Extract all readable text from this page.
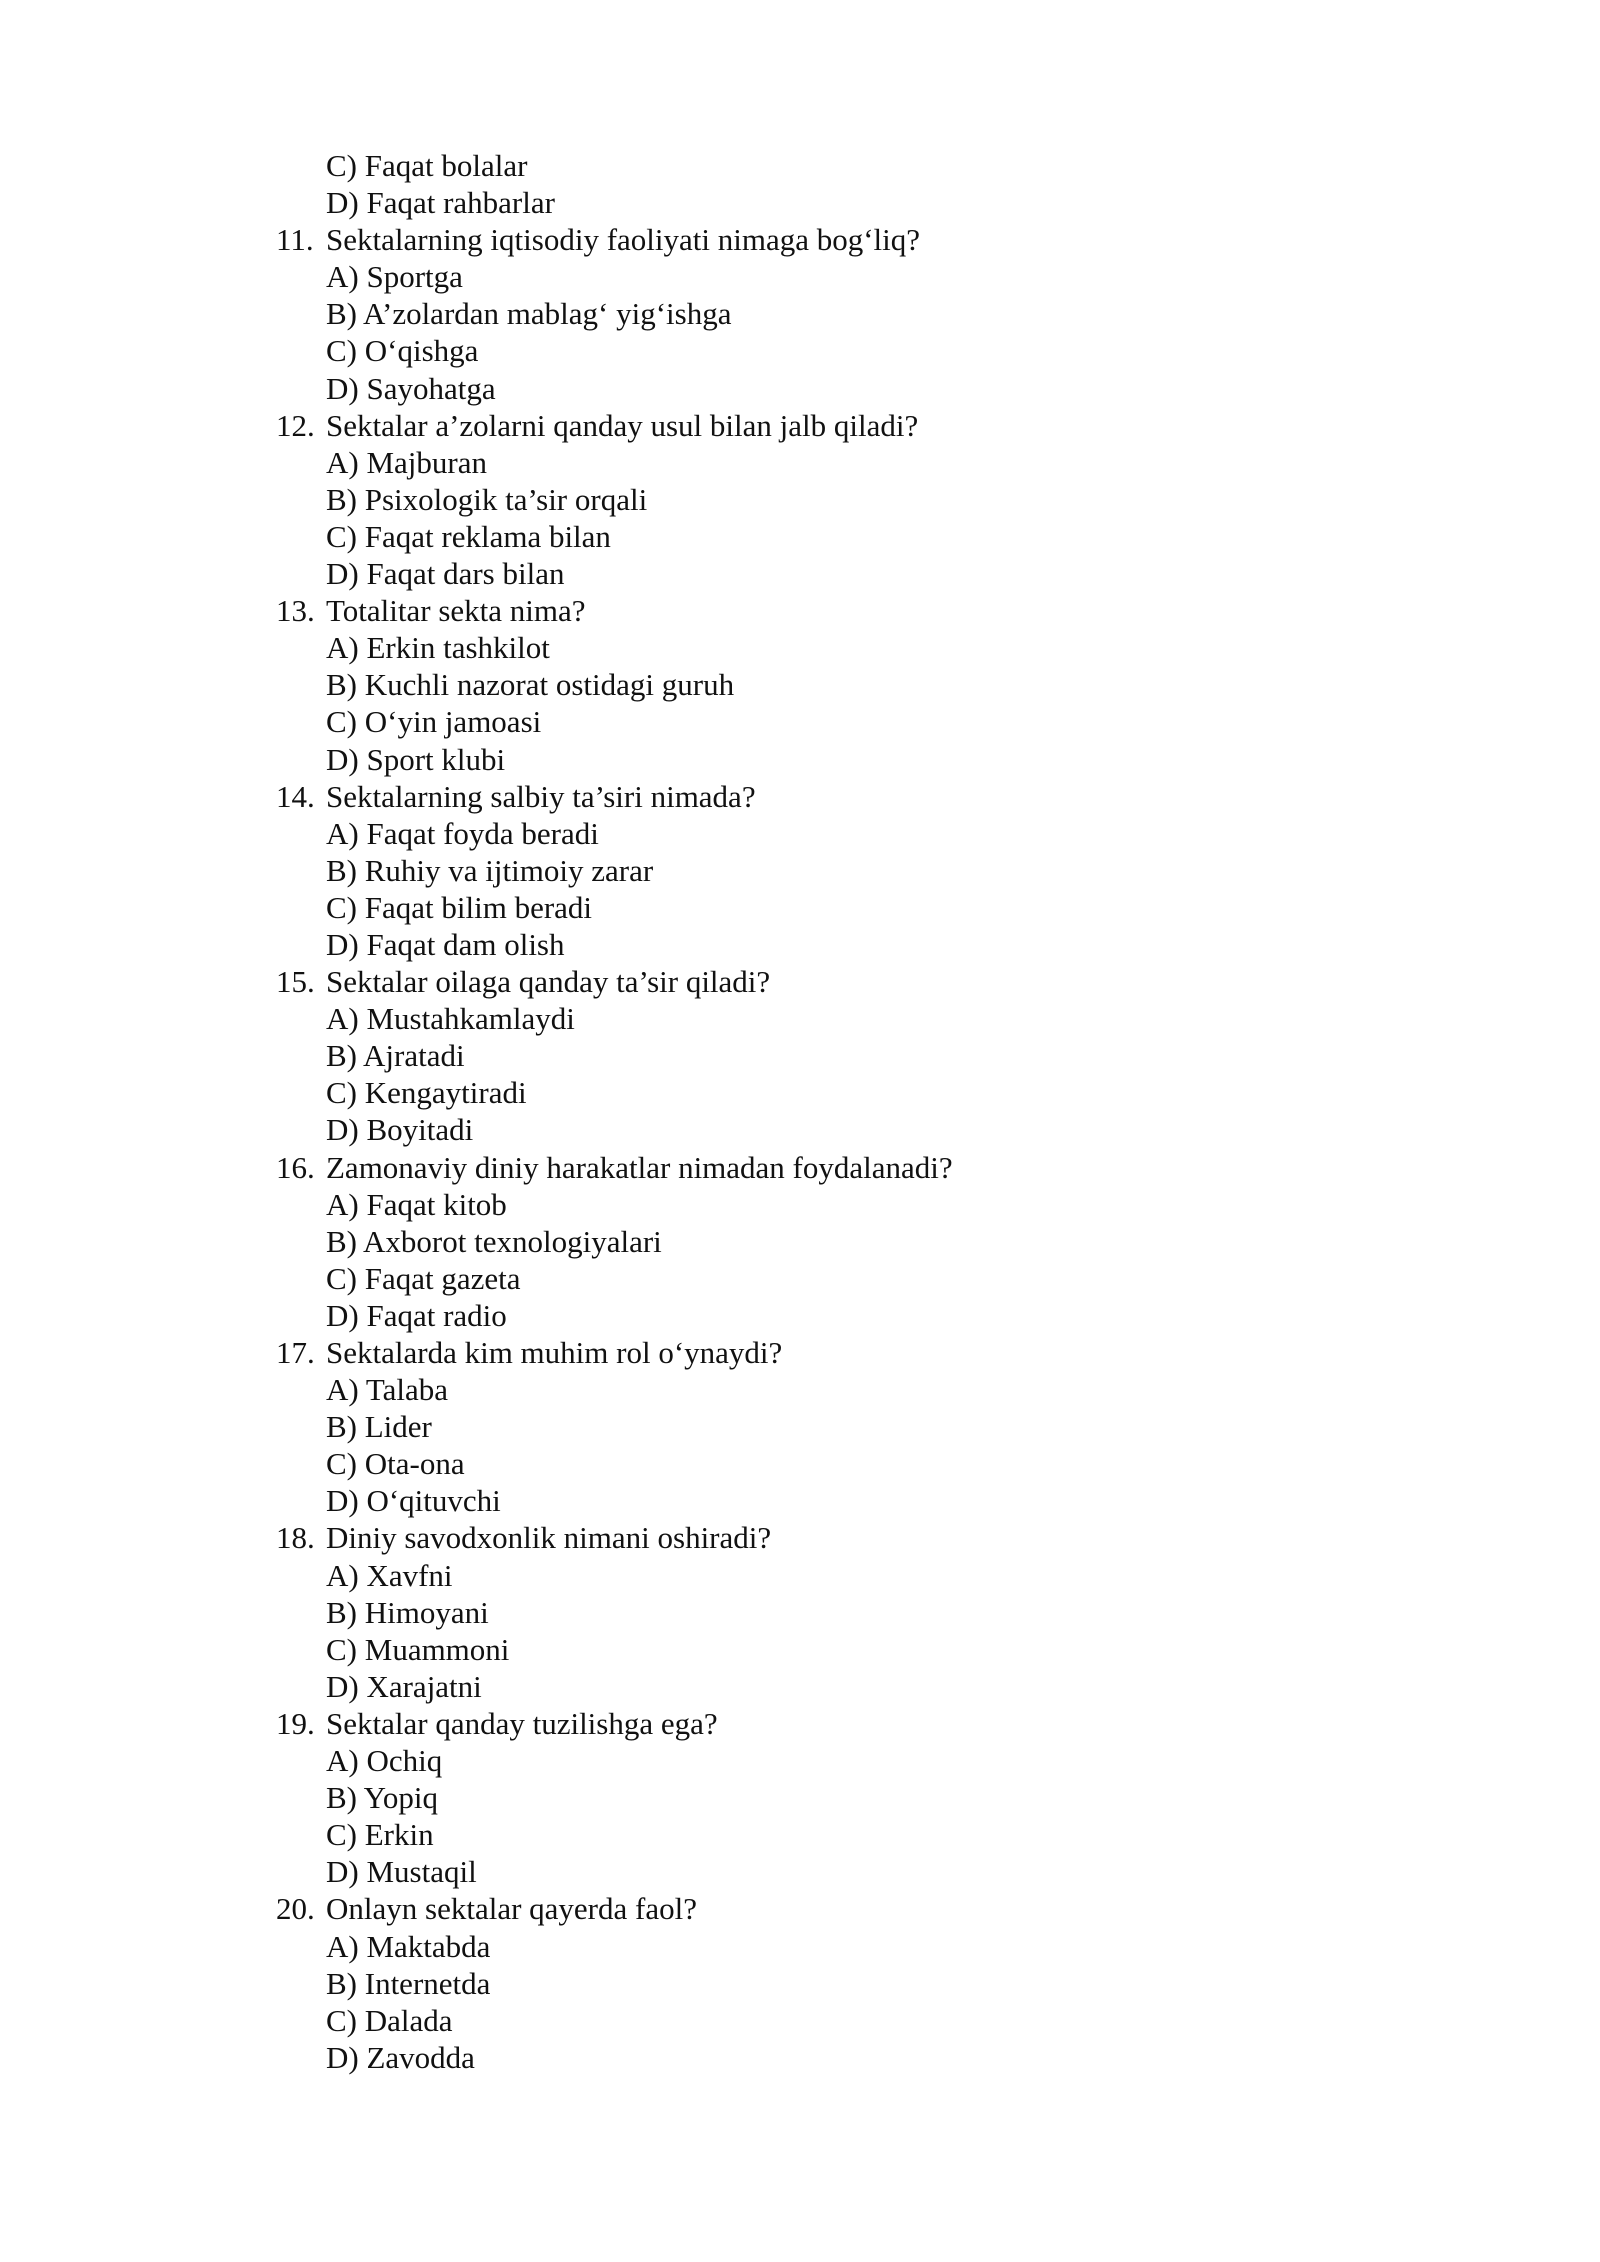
C) Faqat bolalar
D) Faqat rahbarlar
11. Sektalarning iqtisodiy faoliyati nimaga bog‘liq?
A) Sportga
B) A’zolardan mablag‘ yig‘ishga
C) O‘qishga
D) Sayohatga
12. Sektalar a’zolarni qanday usul bilan jalb qiladi?
A) Majburan
B) Psixologik ta’sir orqali
C) Faqat reklama bilan
D) Faqat dars bilan
13. Totalitar sekta nima?
A) Erkin tashkilot
B) Kuchli nazorat ostidagi guruh
C) O‘yin jamoasi
D) Sport klubi
14. Sektalarning salbiy ta’siri nimada?
A) Faqat foyda beradi
B) Ruhiy va ijtimoiy zarar
C) Faqat bilim beradi
D) Faqat dam olish
15. Sektalar oilaga qanday ta’sir qiladi?
A) Mustahkamlaydi
B) Ajratadi
C) Kengaytiradi
D) Boyitadi
16. Zamonaviy diniy harakatlar nimadan foydalanadi?
A) Faqat kitob
B) Axborot texnologiyalari
C) Faqat gazeta
D) Faqat radio
17. Sektalarda kim muhim rol o‘ynaydi?
A) Talaba
B) Lider
C) Ota-ona
D) O‘qituvchi
18. Diniy savodxonlik nimani oshiradi?
A) Xavfni
B) Himoyani
C) Muammoni
D) Xarajatni
19. Sektalar qanday tuzilishga ega?
A) Ochiq
B) Yopiq
C) Erkin
D) Mustaqil
20. Onlayn sektalar qayerda faol?
A) Maktabda
B) Internetda
C) Dalada
D) Zavodda
